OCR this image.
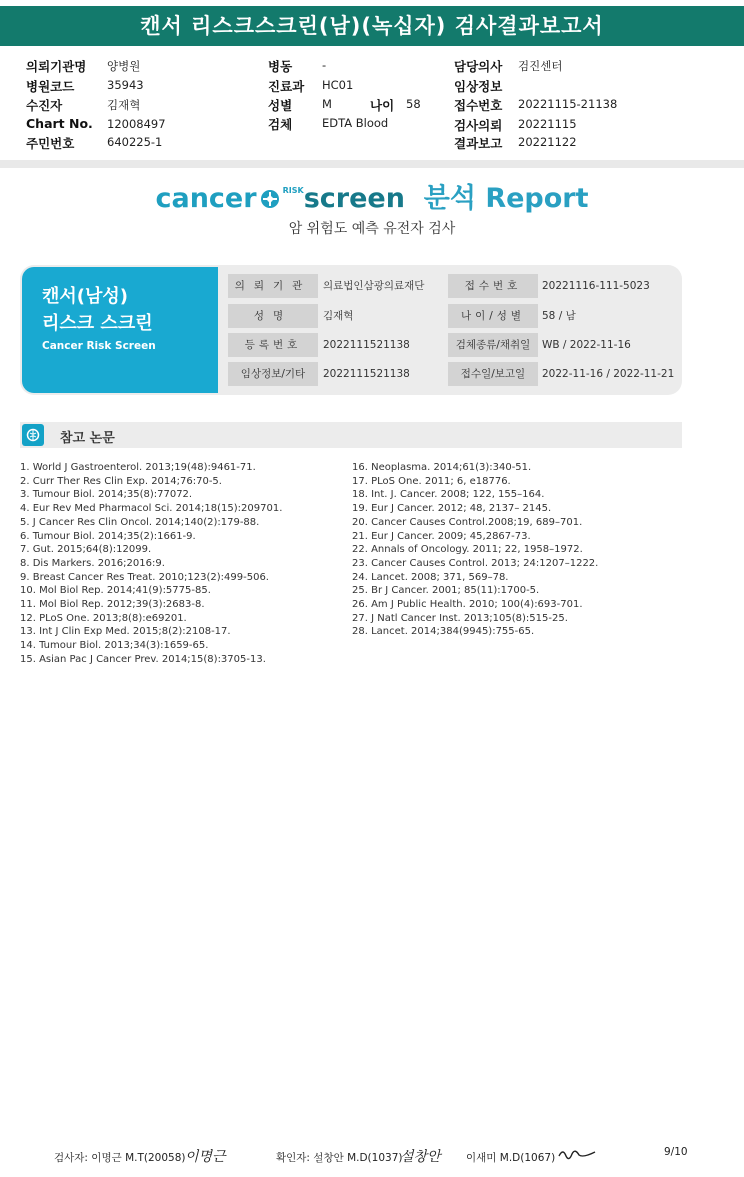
캔서 리스크스크린(남)(녹십자) 검사결과보고서
의뢰기관명 양병원
병원코드	35943
수진자	김재혁
Chart No. 12008497
주민번호	640225-1
병동	-
진료과 HC01
성별	M	나이 58
검체	EDTA Blood
담당의사 검진센터
임상정보
접수번호 20221115-21138
검사의뢰 20221115
결과보고 20221122
cancer	$^{RISK}$screen 분석 Report
암 위험도 예측 유전자 검사
캔서(남성)
리스크 스크린
Cancer Risk Screen
의뢰기관	의료법인삼광의료재단	접수번호	20221116-111-5023
성명	김재혁	나이/성별	58 / 남
등록번호	2022111521138	검체종류/채취일	WB / 2022-11-16
임상정보/기타	2022111521138	접수일/보고일	2022-11-16 / 2022-11-21
참고 논문
1. World J Gastroenterol. 2013;19(48):9461-71.
2. Curr Ther Res Clin Exp. 2014;76:70-5.
3. Tumour Biol. 2014;35(8):77072.
4. Eur Rev Med Pharmacol Sci. 2014;18(15):209701.
5. J Cancer Res Clin Oncol. 2014;140(2):179-88.
6. Tumour Biol. 2014;35(2):1661-9.
7. Gut. 2015;64(8):12099.
8. Dis Markers. 2016;2016:9.
9. Breast Cancer Res Treat. 2010;123(2):499-506.
10. Mol Biol Rep. 2014;41(9):5775-85.
11. Mol Biol Rep. 2012;39(3):2683-8.
12. PLoS One. 2013;8(8):e69201.
13. Int J Clin Exp Med. 2015;8(2):2108-17.
14. Tumour Biol. 2013;34(3):1659-65.
15. Asian Pac J Cancer Prev. 2014;15(8):3705-13.
16. Neoplasma. 2014;61(3):340-51.
17. PLoS One. 2011; 6, e18776.
18. Int. J. Cancer. 2008; 122, 155–164.
19. Eur J Cancer. 2012; 48, 2137– 2145.
20. Cancer Causes Control.2008;19, 689–701.
21. Eur J Cancer. 2009; 45,2867-73.
22. Annals of Oncology. 2011; 22, 1958–1972.
23. Cancer Causes Control. 2013; 24:1207–1222.
24. Lancet. 2008; 371, 569–78.
25. Br J Cancer. 2001; 85(11):1700-5.
26. Am J Public Health. 2010; 100(4):693-701.
27. J Natl Cancer Inst. 2013;105(8):515-25.
28. Lancet. 2014;384(9945):755-65.
검사자: 이명근 M.T(20058) 이명근	확인자: 설창안 M.D(1037)
설창안 이새미 M.D(1067)	9/10
